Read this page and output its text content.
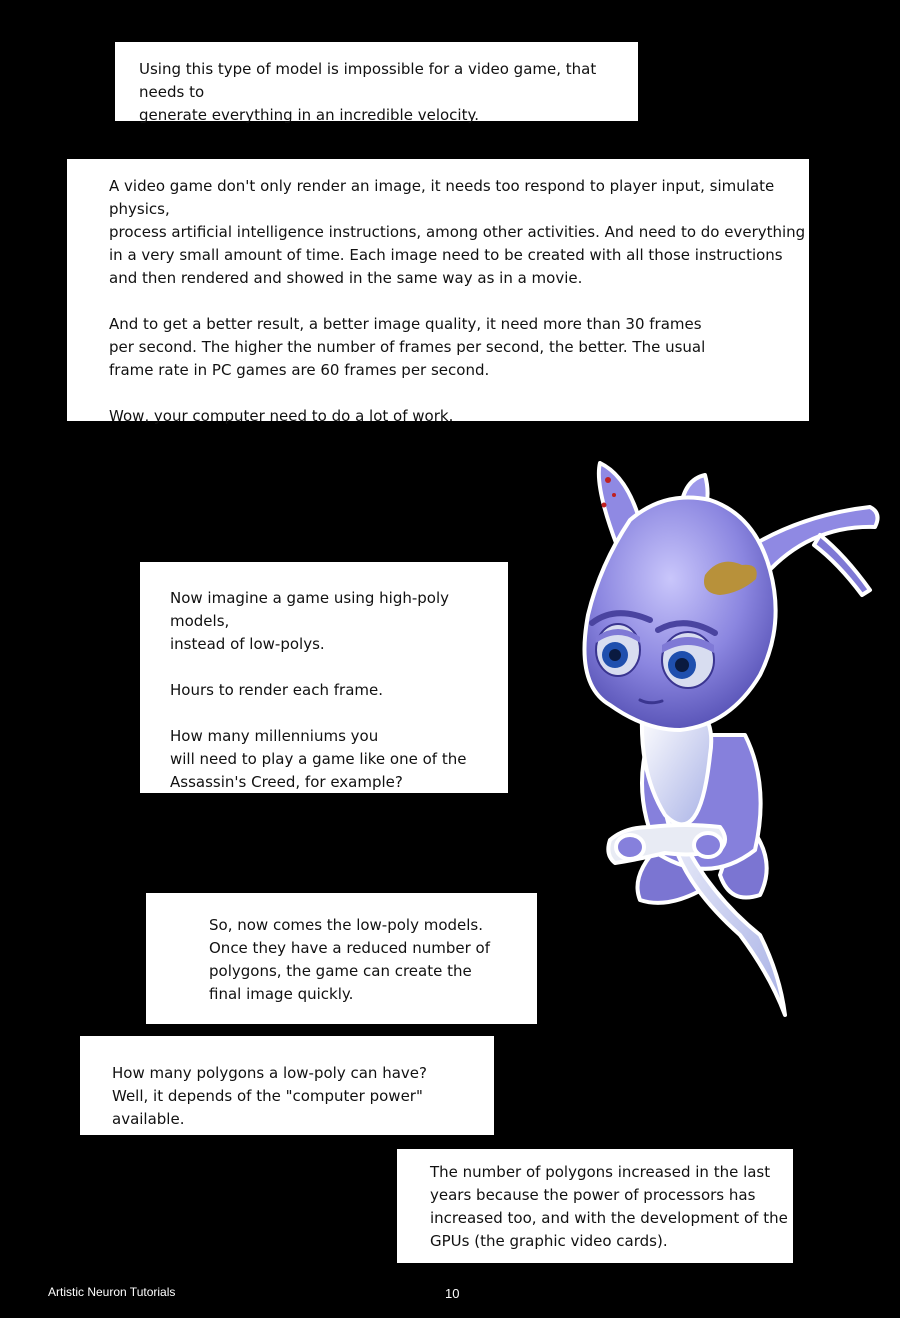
Using this type of model is impossible for a video game, that needs to

generate everything in an incredible velocity.

A video game don't only render an image, it needs too respond to player input, simulate physics,

process artificial intelligence instructions, among other activities. And need to do everything

in a very small amount of time. Each image need to be created with all those instructions

and then rendered and showed in the same way as in a movie.

And to get a better result, a better image quality, it need more than 30 frames

per second. The higher the number of frames per second, the better. The usual

frame rate in PC games are 60 frames per second.

Wow, your computer need to do a lot of work.

Now imagine a game using high-poly models,

instead of low-polys.

Hours to render each frame.

How many millenniums you

will need to play a game like one of the

Assassin's Creed, for example?

So, now comes the low-poly models.

Once they have a reduced number of

polygons, the game can create the

final image quickly.

How many polygons a low-poly can have?

Well, it depends of the "computer power" available.

The number of polygons increased in the last

years because the power of processors has

increased too, and with the development of the

GPUs (the graphic video cards).

Artistic Neuron Tutorials	10
